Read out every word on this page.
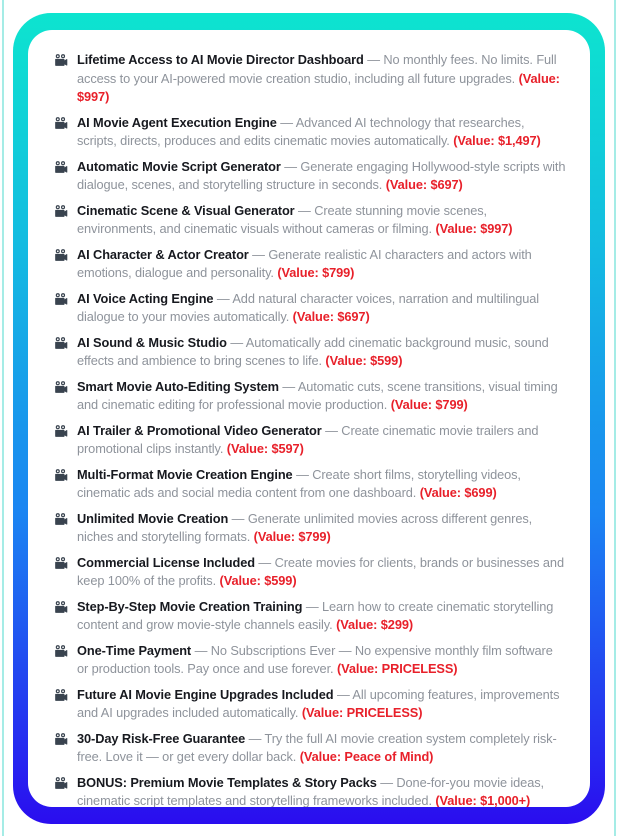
Lifetime Access to AI Movie Director Dashboard — No monthly fees. No limits. Full access to your AI-powered movie creation studio, including all future upgrades. (Value: $997)

AI Movie Agent Execution Engine — Advanced AI technology that researches, scripts, directs, produces and edits cinematic movies automatically. (Value: $1,497)

Automatic Movie Script Generator — Generate engaging Hollywood-style scripts with dialogue, scenes, and storytelling structure in seconds. (Value: $697)

Cinematic Scene & Visual Generator — Create stunning movie scenes, environments, and cinematic visuals without cameras or filming. (Value: $997)

AI Character & Actor Creator — Generate realistic AI characters and actors with emotions, dialogue and personality. (Value: $799)

AI Voice Acting Engine — Add natural character voices, narration and multilingual dialogue to your movies automatically. (Value: $697)

AI Sound & Music Studio — Automatically add cinematic background music, sound effects and ambience to bring scenes to life. (Value: $599)

Smart Movie Auto-Editing System — Automatic cuts, scene transitions, visual timing and cinematic editing for professional movie production. (Value: $799)

AI Trailer & Promotional Video Generator — Create cinematic movie trailers and promotional clips instantly. (Value: $597)

Multi-Format Movie Creation Engine — Create short films, storytelling videos, cinematic ads and social media content from one dashboard. (Value: $699)

Unlimited Movie Creation — Generate unlimited movies across different genres, niches and storytelling formats. (Value: $799)

Commercial License Included — Create movies for clients, brands or businesses and keep 100% of the profits. (Value: $599)

Step-By-Step Movie Creation Training — Learn how to create cinematic storytelling content and grow movie-style channels easily. (Value: $299)

One-Time Payment — No Subscriptions Ever — No expensive monthly film software or production tools. Pay once and use forever. (Value: PRICELESS)

Future AI Movie Engine Upgrades Included — All upcoming features, improvements and AI upgrades included automatically. (Value: PRICELESS)

30-Day Risk-Free Guarantee — Try the full AI movie creation system completely risk-free. Love it — or get every dollar back. (Value: Peace of Mind)

BONUS: Premium Movie Templates & Story Packs — Done-for-you movie ideas, cinematic script templates and storytelling frameworks included. (Value: $1,000+)
